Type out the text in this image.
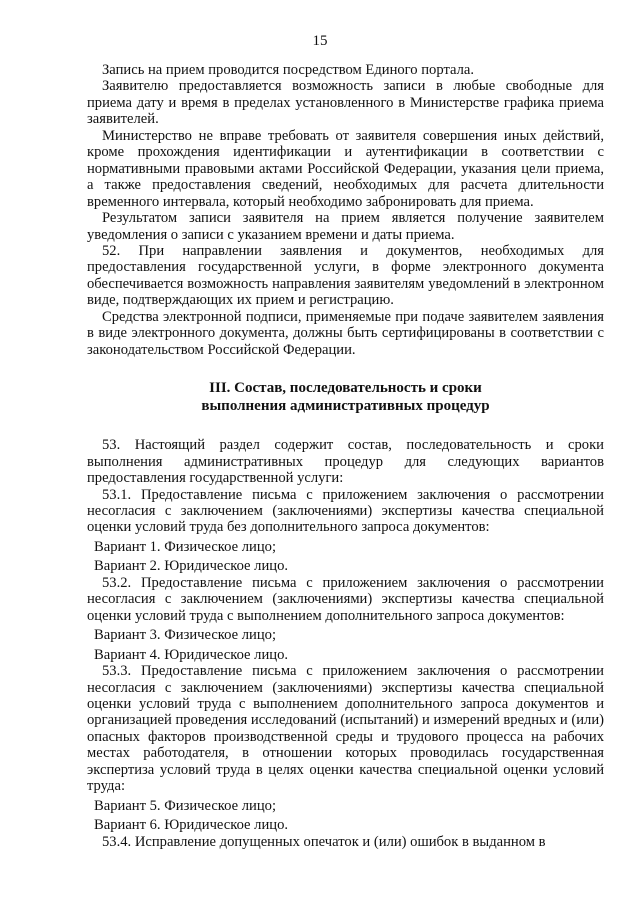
15

Запись на прием проводится посредством Единого портала.

Заявителю предоставляется возможность записи в любые свободные для приема дату и время в пределах установленного в Министерстве графика приема заявителей.

Министерство не вправе требовать от заявителя совершения иных действий, кроме прохождения идентификации и аутентификации в соответствии с нормативными правовыми актами Российской Федерации, указания цели приема, а также предоставления сведений, необходимых для расчета длительности временного интервала, который необходимо забронировать для приема.

Результатом записи заявителя на прием является получение заявителем уведомления о записи с указанием времени и даты приема.

52. При направлении заявления и документов, необходимых для предоставления государственной услуги, в форме электронного документа обеспечивается возможность направления заявителям уведомлений в электронном виде, подтверждающих их прием и регистрацию.

Средства электронной подписи, применяемые при подаче заявителем заявления в виде электронного документа, должны быть сертифицированы в соответствии с законодательством Российской Федерации.

III. Состав, последовательность и сроки
выполнения административных процедур

53. Настоящий раздел содержит состав, последовательность и сроки выполнения административных процедур для следующих вариантов предоставления государственной услуги:

53.1. Предоставление письма с приложением заключения о рассмотрении несогласия с заключением (заключениями) экспертизы качества специальной оценки условий труда без дополнительного запроса документов:

Вариант 1. Физическое лицо;

Вариант 2. Юридическое лицо.

53.2. Предоставление письма с приложением заключения о рассмотрении несогласия с заключением (заключениями) экспертизы качества специальной оценки условий труда с выполнением дополнительного запроса документов:

Вариант 3. Физическое лицо;

Вариант 4. Юридическое лицо.

53.3. Предоставление письма с приложением заключения о рассмотрении несогласия с заключением (заключениями) экспертизы качества специальной оценки условий труда с выполнением дополнительного запроса документов и организацией проведения исследований (испытаний) и измерений вредных и (или) опасных факторов производственной среды и трудового процесса на рабочих местах работодателя, в отношении которых проводилась государственная экспертиза условий труда в целях оценки качества специальной оценки условий труда:

Вариант 5. Физическое лицо;

Вариант 6. Юридическое лицо.

53.4. Исправление допущенных опечаток и (или) ошибок в выданном в
